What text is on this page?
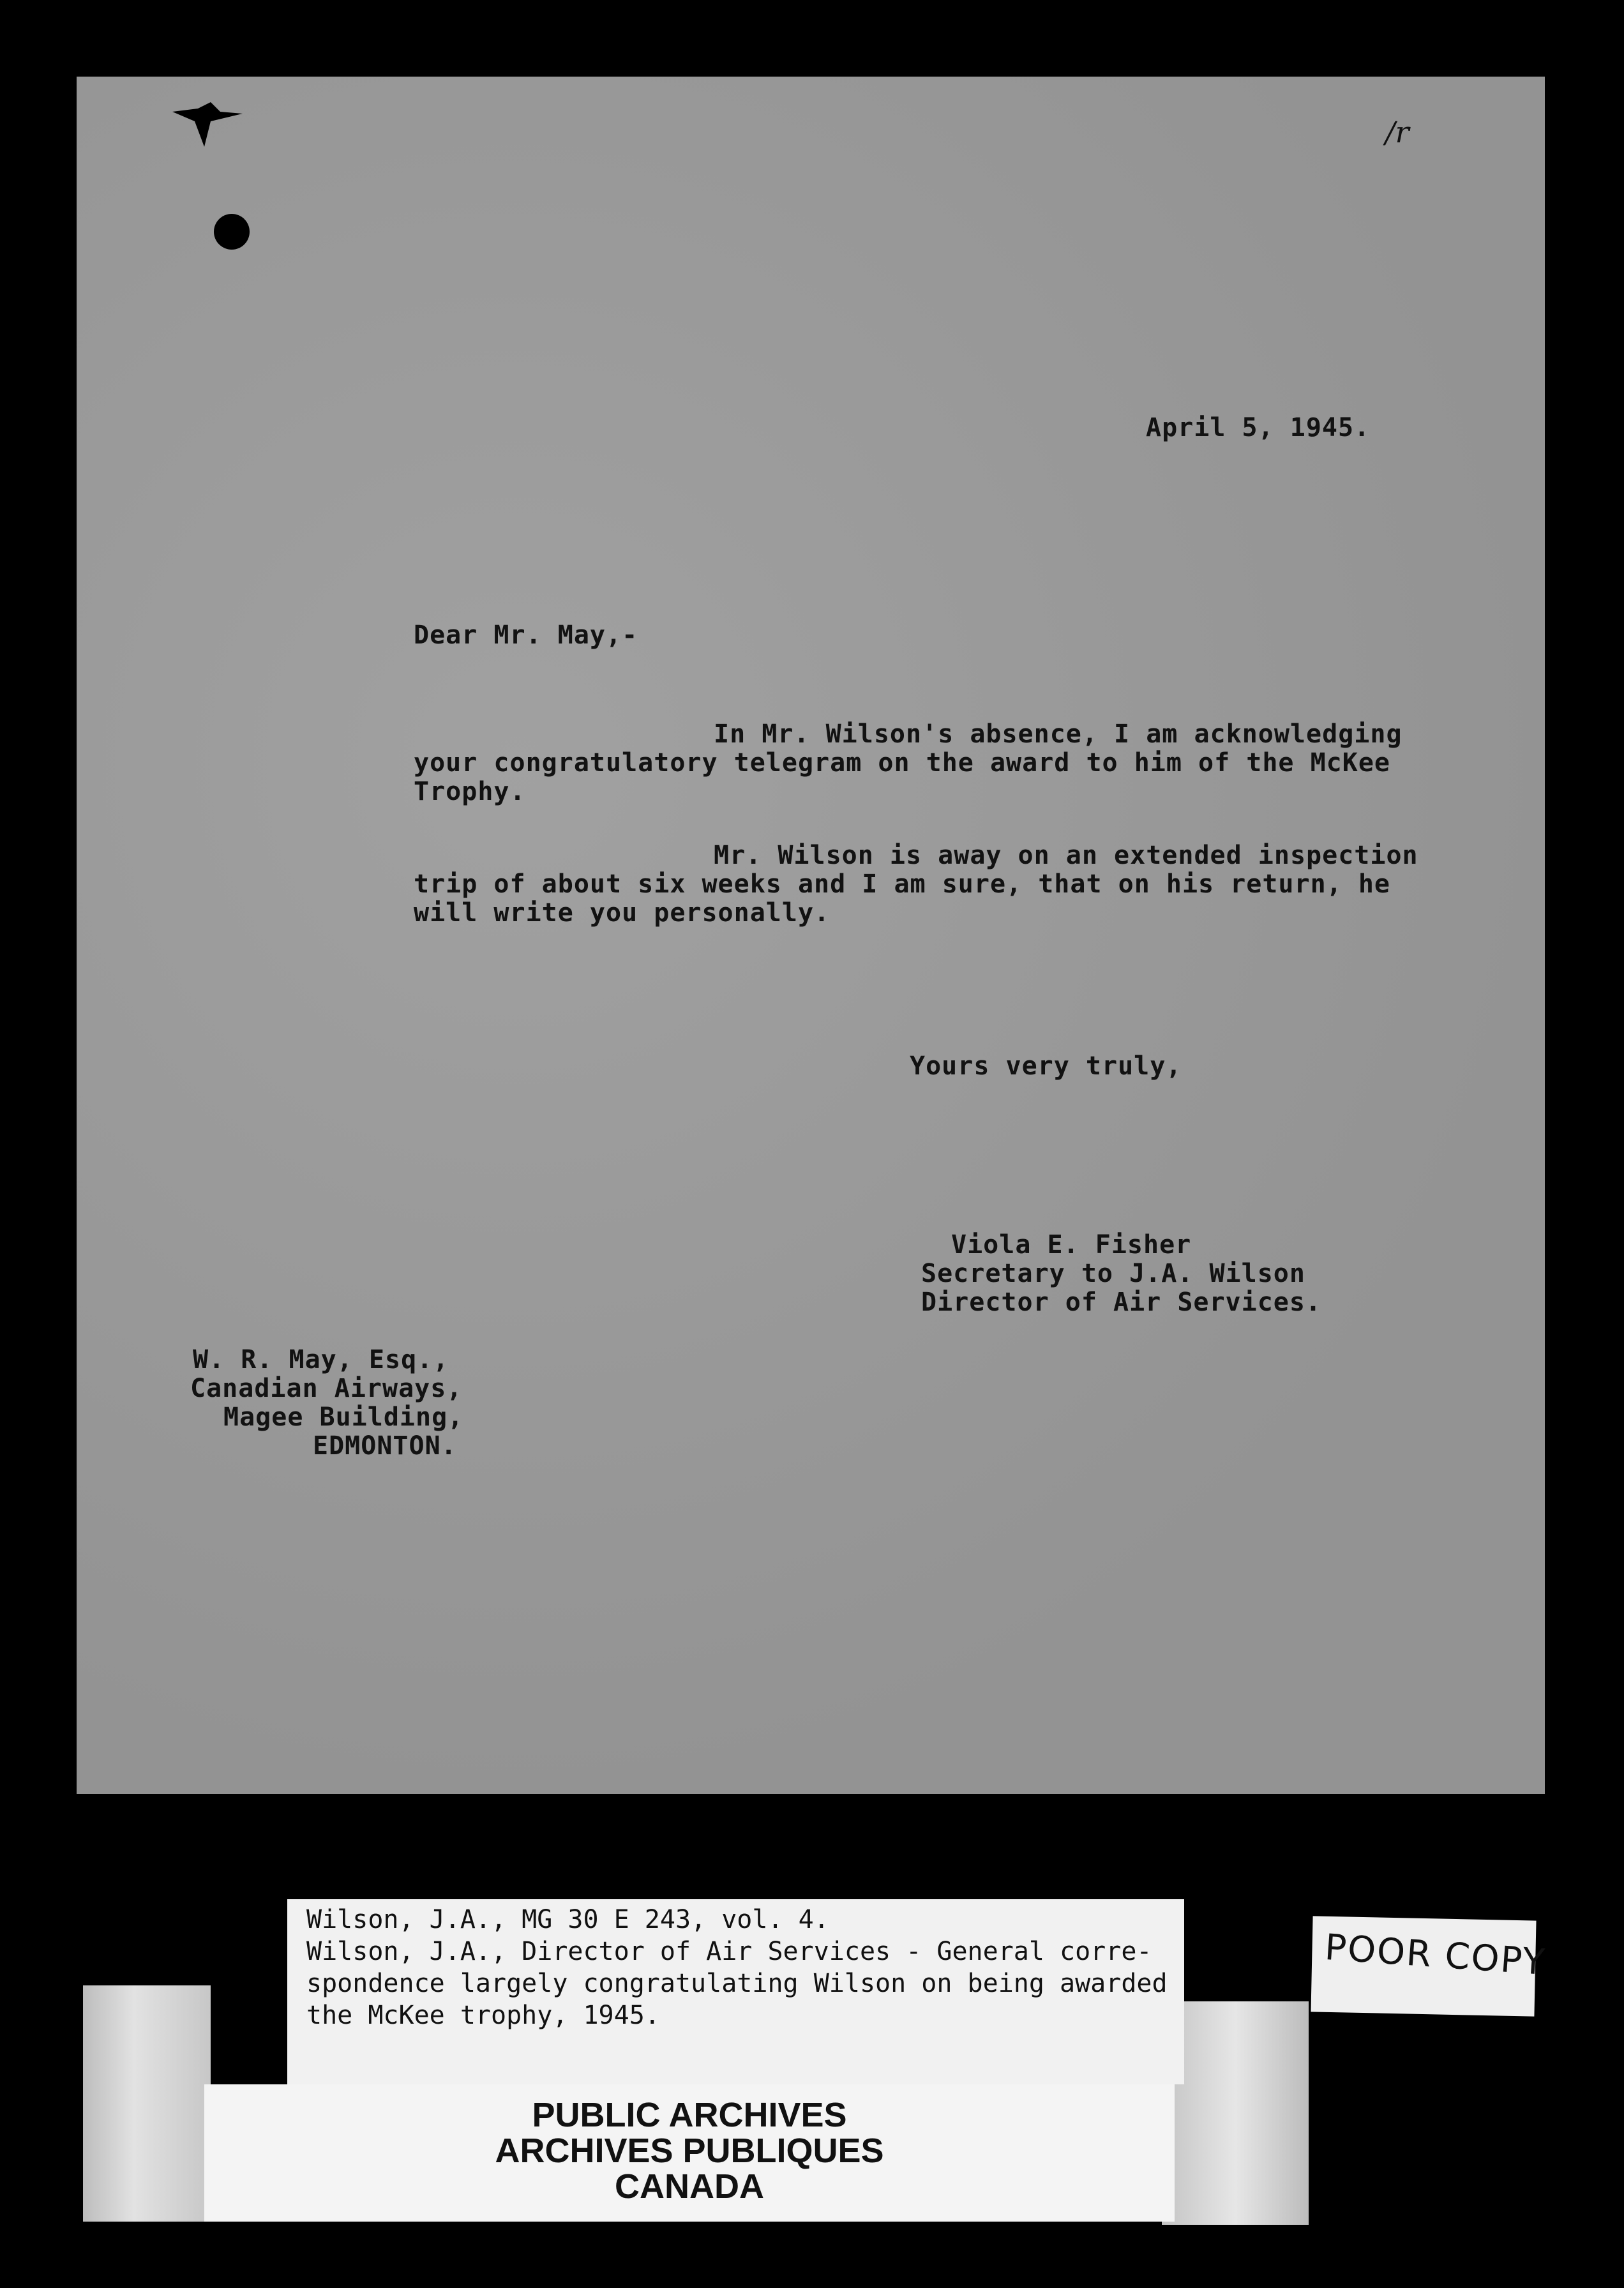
/r
April 5, 1945.
Dear Mr. May,-
In Mr. Wilson's absence, I am acknowledging
your congratulatory telegram on the award to him of the McKee
Trophy.
Mr. Wilson is away on an extended inspection
trip of about six weeks and I am sure, that on his return, he
will write you personally.
Yours very truly,
Viola E. Fisher
Secretary to J.A. Wilson
Director of Air Services.
W. R. May, Esq.,
Canadian Airways,
Magee Building,
EDMONTON.
Wilson, J.A., MG 30 E 243, vol. 4.
Wilson, J.A., Director of Air Services - General corre-
spondence largely congratulating Wilson on being awarded
the McKee trophy, 1945.
PUBLIC ARCHIVES
ARCHIVES PUBLIQUES
CANADA
POOR COPY
